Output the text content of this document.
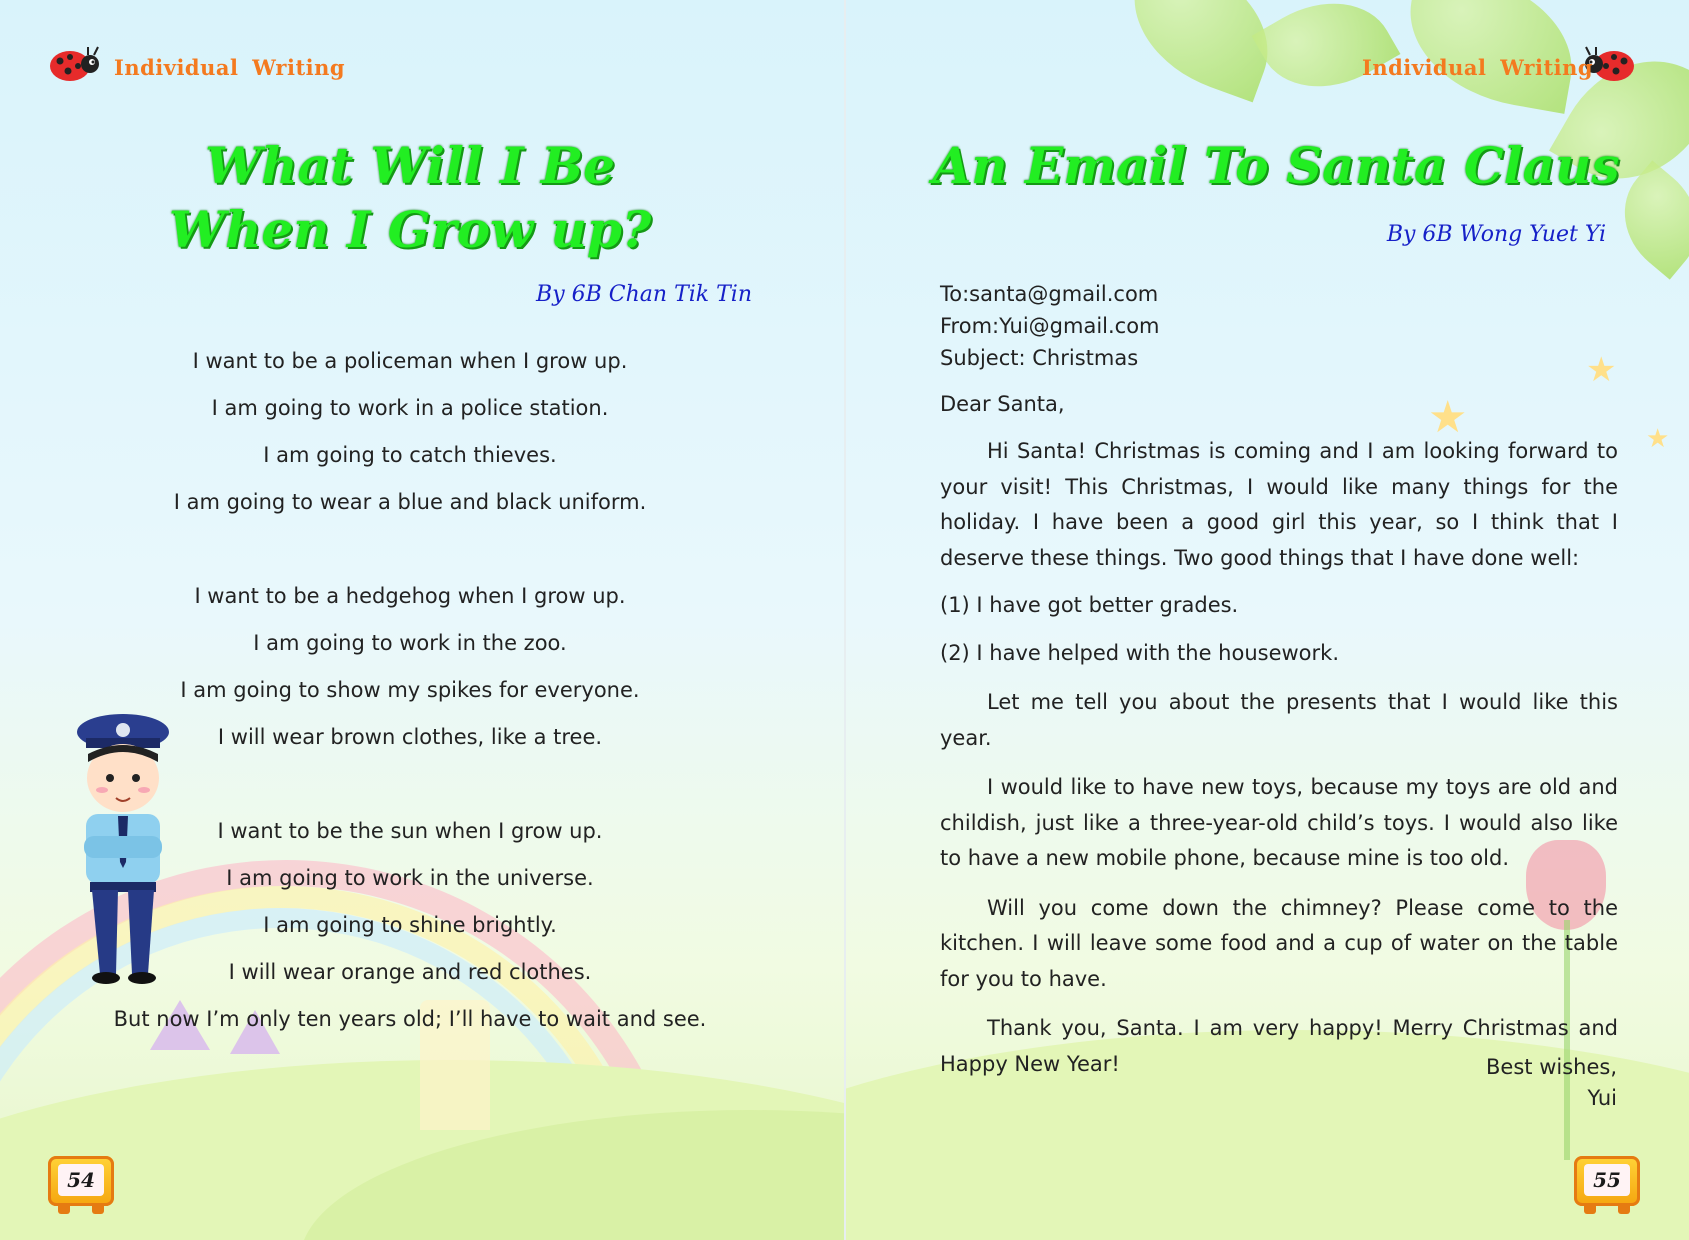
Individual Writing
What Will I Be
When I Grow up?
By 6B Chan Tik Tin

I want to be a policeman when I grow up.

I am going to work in a police station.

I am going to catch thieves.

I am going to wear a blue and black uniform.

I want to be a hedgehog when I grow up.

I am going to work in the zoo.

I am going to show my spikes for everyone.

I will wear brown clothes, like a tree.

I want to be the sun when I grow up.

I am going to work in the universe.

I am going to shine brightly.

I will wear orange and red clothes.

But now I’m only ten years old; I’ll have to wait and see.

54
★
★	★
Individual Writing
An Email To Santa Claus
By 6B Wong Yuet Yi

To:santa@gmail.com

From:Yui@gmail.com

Subject: Christmas

Dear Santa,

Hi Santa! Christmas is coming and I am looking forward to your visit! This Christmas, I would like many things for the holiday. I have been a good girl this year, so I think that I deserve these things. Two good things that I have done well:

(1) I have got better grades.

(2) I have helped with the housework.

Let me tell you about the presents that I would like this year.

I would like to have new toys, because my toys are old and childish, just like a three-year-old child’s toys. I would also like to have a new mobile phone, because mine is too old.

Will you come down the chimney? Please come to the kitchen. I will leave some food and a cup of water on the table for you to have.

Thank you, Santa. I am very happy! Merry Christmas and Happy New Year!	Best wishes,

Yui

55
